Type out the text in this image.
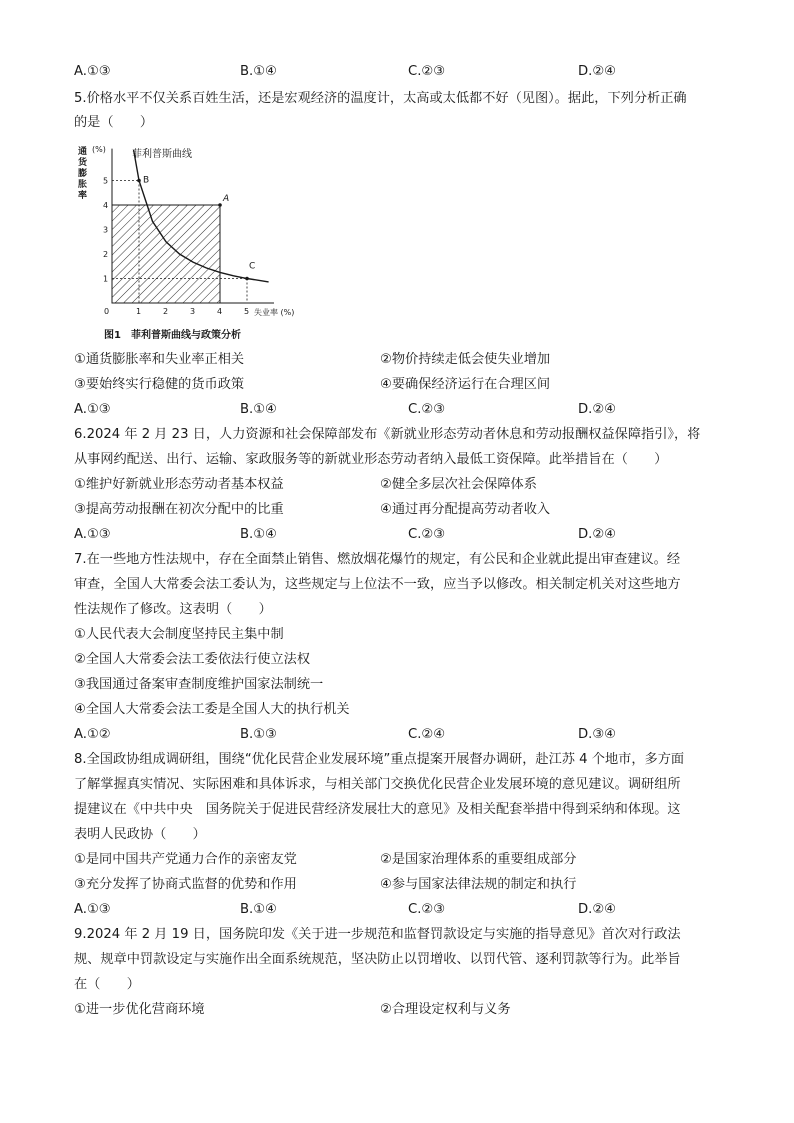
A.①③	B.①④	C.②③	D.②④
5.价格水平不仅关系百姓生活，还是宏观经济的温度计，太高或太低都不好（见图）。据此，下列分析正确
的是（　　）
通
货
膨
胀
率
(%)	菲利普斯曲线
0	1	2	3	4	5
1
2
3
4
5
A
B
C
失业率 (%)
图1　菲利普斯曲线与政策分析
①通货膨胀率和失业率正相关	②物价持续走低会使失业增加
③要始终实行稳健的货币政策	④要确保经济运行在合理区间
A.①③	B.①④	C.②③	D.②④
6.2024 年 2 月 23 日，人力资源和社会保障部发布《新就业形态劳动者休息和劳动报酬权益保障指引》，将
从事网约配送、出行、运输、家政服务等的新就业形态劳动者纳入最低工资保障。此举措旨在（　　）
①维护好新就业形态劳动者基本权益	②健全多层次社会保障体系
③提高劳动报酬在初次分配中的比重	④通过再分配提高劳动者收入
A.①③	B.①④	C.②③	D.②④
7.在一些地方性法规中，存在全面禁止销售、燃放烟花爆竹的规定，有公民和企业就此提出审查建议。经
审查，全国人大常委会法工委认为，这些规定与上位法不一致，应当予以修改。相关制定机关对这些地方
性法规作了修改。这表明（　　）
①人民代表大会制度坚持民主集中制
②全国人大常委会法工委依法行使立法权
③我国通过备案审查制度维护国家法制统一
④全国人大常委会法工委是全国人大的执行机关
A.①②	B.①③	C.②④	D.③④
8.全国政协组成调研组，围绕“优化民营企业发展环境”重点提案开展督办调研，赴江苏 4 个地市，多方面
了解掌握真实情况、实际困难和具体诉求，与相关部门交换优化民营企业发展环境的意见建议。调研组所
提建议在《中共中央　国务院关于促进民营经济发展壮大的意见》及相关配套举措中得到采纳和体现。这
表明人民政协（　　）
①是同中国共产党通力合作的亲密友党	②是国家治理体系的重要组成部分
③充分发挥了协商式监督的优势和作用	④参与国家法律法规的制定和执行
A.①③	B.①④	C.②③	D.②④
9.2024 年 2 月 19 日，国务院印发《关于进一步规范和监督罚款设定与实施的指导意见》首次对行政法
规、规章中罚款设定与实施作出全面系统规范，坚决防止以罚增收、以罚代管、逐利罚款等行为。此举旨
在（　　）
①进一步优化营商环境	②合理设定权利与义务
